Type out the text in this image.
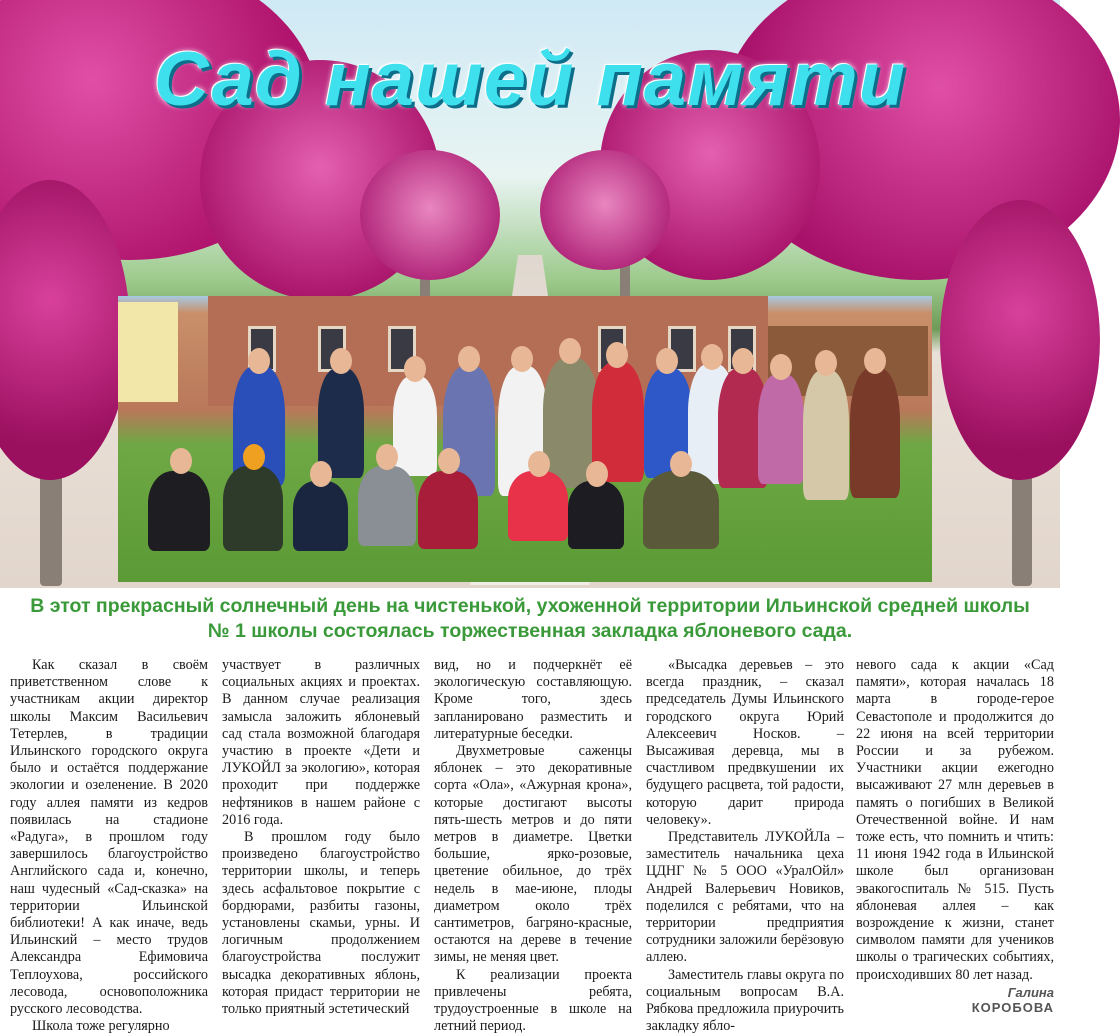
Сад нашей памяти

В этот прекрасный солнечный день на чистенькой, ухоженной территории Ильинской средней школы № 1 школы состоялась торжественная закладка яблоневого сада.

Как сказал в своём приветственном слове к участникам акции директор школы Максим Васильевич Тетерлев, в традиции Ильинского городского округа было и остаётся поддержание экологии и озеленение. В 2020 году аллея памяти из кедров появилась на стадионе «Радуга», в прошлом году завершилось благоустройство Английского сада и, конечно, наш чудесный «Сад-сказка» на территории Ильинской библиотеки! А как иначе, ведь Ильинский – место трудов Александра Ефимовича Теплоухова, российского лесовода, основоположника русского лесоводства.

Школа тоже регулярно

участвует в различных социальных акциях и проектах. В данном случае реализация замысла заложить яблоневый сад стала возможной благодаря участию в проекте «Дети и ЛУКОЙЛ за экологию», которая проходит при поддержке нефтяников в нашем районе с 2016 года.

В прошлом году было произведено благоустройство территории школы, и теперь здесь асфальтовое покрытие с бордюрами, разбиты газоны, установлены скамьи, урны. И логичным продолжением благоустройства послужит высадка декоративных яблонь, которая придаст территории не только приятный эстетический

вид, но и подчеркнёт её экологическую составляющую. Кроме того, здесь запланировано разместить и литературные беседки.

Двухметровые саженцы яблонек – это декоративные сорта «Ола», «Ажурная крона», которые достигают высоты пять-шесть метров и до пяти метров в диаметре. Цветки большие, ярко-розовые, цветение обильное, до трёх недель в мае-июне, плоды диаметром около трёх сантиметров, багряно-красные, остаются на дереве в течение зимы, не меняя цвет.

К реализации проекта привлечены ребята, трудоустроенные в школе на летний период.

«Высадка деревьев – это всегда праздник, – сказал председатель Думы Ильинского городского округа Юрий Алексеевич Носков. – Высаживая деревца, мы в счастливом предвкушении их будущего расцвета, той радости, которую дарит природа человеку».

Представитель ЛУКОЙЛа – заместитель начальника цеха ЦДНГ № 5 ООО «УралОйл» Андрей Валерьевич Новиков, поделился с ребятами, что на территории предприятия сотрудники заложили берёзовую аллею.

Заместитель главы округа по социальным вопросам В.А. Рябкова предложила приурочить закладку ябло-

невого сада к акции «Сад памяти», которая началась 18 марта в городе-герое Севастополе и продолжится до 22 июня на всей территории России и за рубежом. Участники акции ежегодно высаживают 27 млн деревьев в память о погибших в Великой Отечественной войне. И нам тоже есть, что помнить и чтить: 11 июня 1942 года в Ильинской школе был организован эвакогоспиталь № 515. Пусть яблоневая аллея – как возрождение к жизни, станет символом памяти для учеников школы о трагических событиях, происходивших 80 лет назад.

Галина
КОРОБОВА
